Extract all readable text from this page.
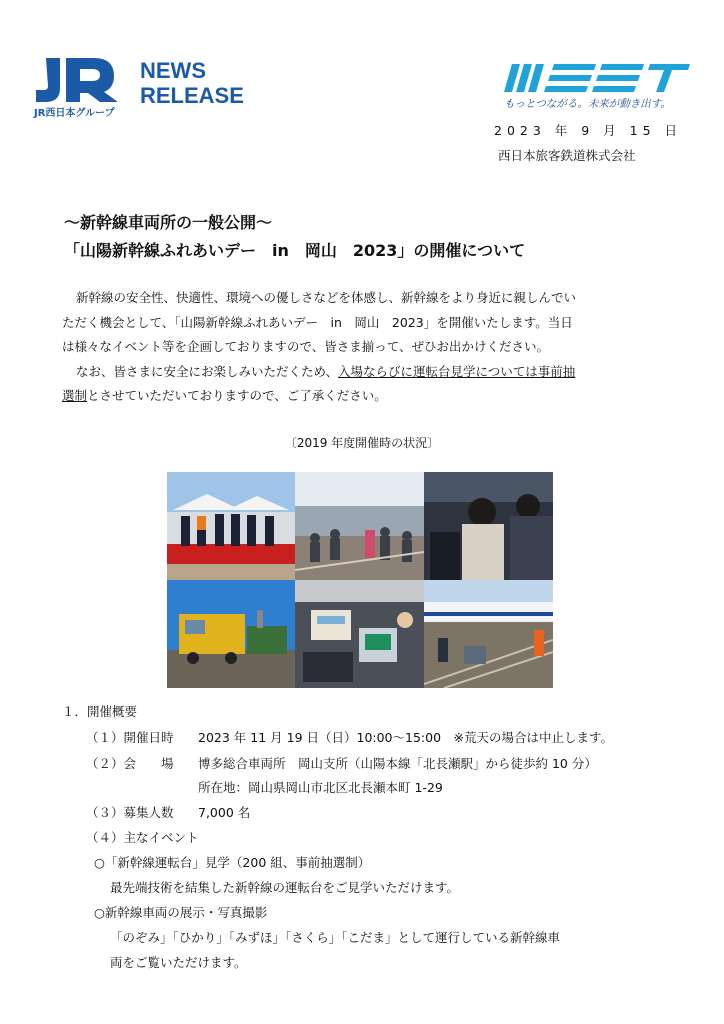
JR西日本グループ
NEWS
RELEASE	もっとつながる。未来が動き出す。
2023 年 9 月 15 日
西日本旅客鉄道株式会社
～新幹線車両所の一般公開～
「山陽新幹線ふれあいデー　in　岡山　2023」の開催について
新幹線の安全性、快適性、環境への優しさなどを体感し、新幹線をより身近に親しんでい
ただく機会として、「山陽新幹線ふれあいデー　in　岡山　2023」を開催いたします。当日
は様々なイベント等を企画しておりますので、皆さま揃って、ぜひお出かけください。
なお、皆さまに安全にお楽しみいただくため、入場ならびに運転台見学については事前抽
選制とさせていただいておりますので、ご了承ください。
〔2019 年度開催時の状況〕
１．開催概要
（１）開催日時 2023 年 11 月 19 日（日）10:00～15:00　※荒天の場合は中止します。
（２）会　　場 博多総合車両所　岡山支所（山陽本線「北長瀬駅」から徒歩約 10 分）
所在地：岡山県岡山市北区北長瀬本町 1-29
（３）募集人数 7,000 名
（４）主なイベント
○「新幹線運転台」見学（200 組、事前抽選制）
最先端技術を結集した新幹線の運転台をご見学いただけます。
○新幹線車両の展示・写真撮影
「のぞみ」「ひかり」「みずほ」「さくら」「こだま」として運行している新幹線車
両をご覧いただけます。
